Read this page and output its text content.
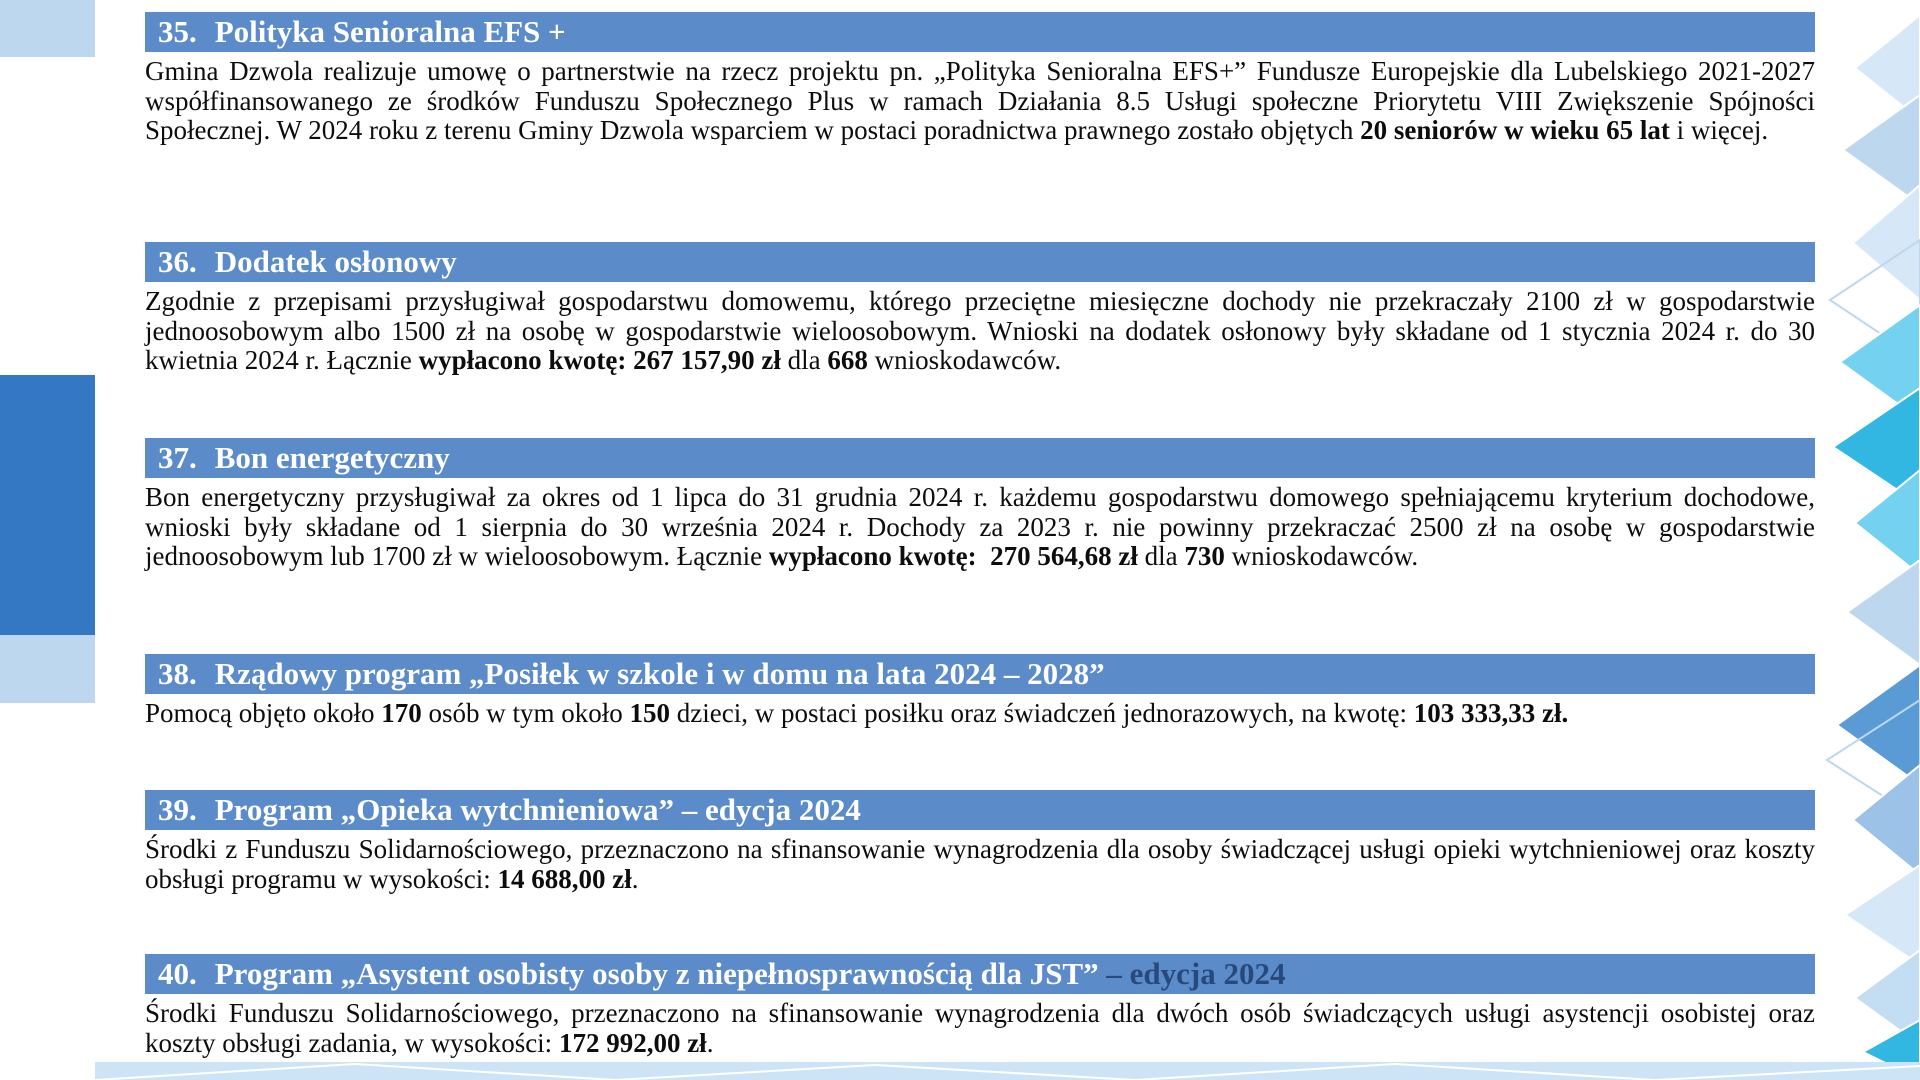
35. Polityka Senioralna EFS +
Gmina Dzwola realizuje umowę o partnerstwie na rzecz projektu pn. „Polityka Senioralna EFS+” Fundusze Europejskie dla Lubelskiego 2021-2027 współfinansowanego ze środków Funduszu Społecznego Plus w ramach Działania 8.5 Usługi społeczne Priorytetu VIII Zwiększenie Spójności Społecznej. W 2024 roku z terenu Gminy Dzwola wsparciem w postaci poradnictwa prawnego zostało objętych 20 seniorów w wieku 65 lat i więcej.
36. Dodatek osłonowy
Zgodnie z przepisami przysługiwał gospodarstwu domowemu, którego przeciętne miesięczne dochody nie przekraczały 2100 zł w gospodarstwie jednoosobowym albo 1500 zł na osobę w gospodarstwie wieloosobowym. Wnioski na dodatek osłonowy były składane od 1 stycznia 2024 r. do 30 kwietnia 2024 r. Łącznie wypłacono kwotę: 267 157,90 zł dla 668 wnioskodawców.
37. Bon energetyczny
Bon energetyczny przysługiwał za okres od 1 lipca do 31 grudnia 2024 r. każdemu gospodarstwu domowego spełniającemu kryterium dochodowe, wnioski były składane od 1 sierpnia do 30 września 2024 r. Dochody za 2023 r. nie powinny przekraczać 2500 zł na osobę w gospodarstwie jednoosobowym lub 1700 zł w wieloosobowym. Łącznie wypłacono kwotę:  270 564,68 zł dla 730 wnioskodawców.
38. Rządowy program „Posiłek w szkole i w domu na lata 2024 – 2028”
Pomocą objęto około 170 osób w tym około 150 dzieci, w postaci posiłku oraz świadczeń jednorazowych, na kwotę: 103 333,33 zł.
39. Program „Opieka wytchnieniowa” – edycja 2024
Środki z Funduszu Solidarnościowego, przeznaczono na sfinansowanie wynagrodzenia dla osoby świadczącej usługi opieki wytchnieniowej oraz koszty obsługi programu w wysokości: 14 688,00 zł.
40. Program „Asystent osobisty osoby z niepełnosprawnością dla JST” – edycja 2024
Środki Funduszu Solidarnościowego, przeznaczono na sfinansowanie wynagrodzenia dla dwóch osób świadczących usługi asystencji osobistej oraz koszty obsługi zadania, w wysokości: 172 992,00 zł.
